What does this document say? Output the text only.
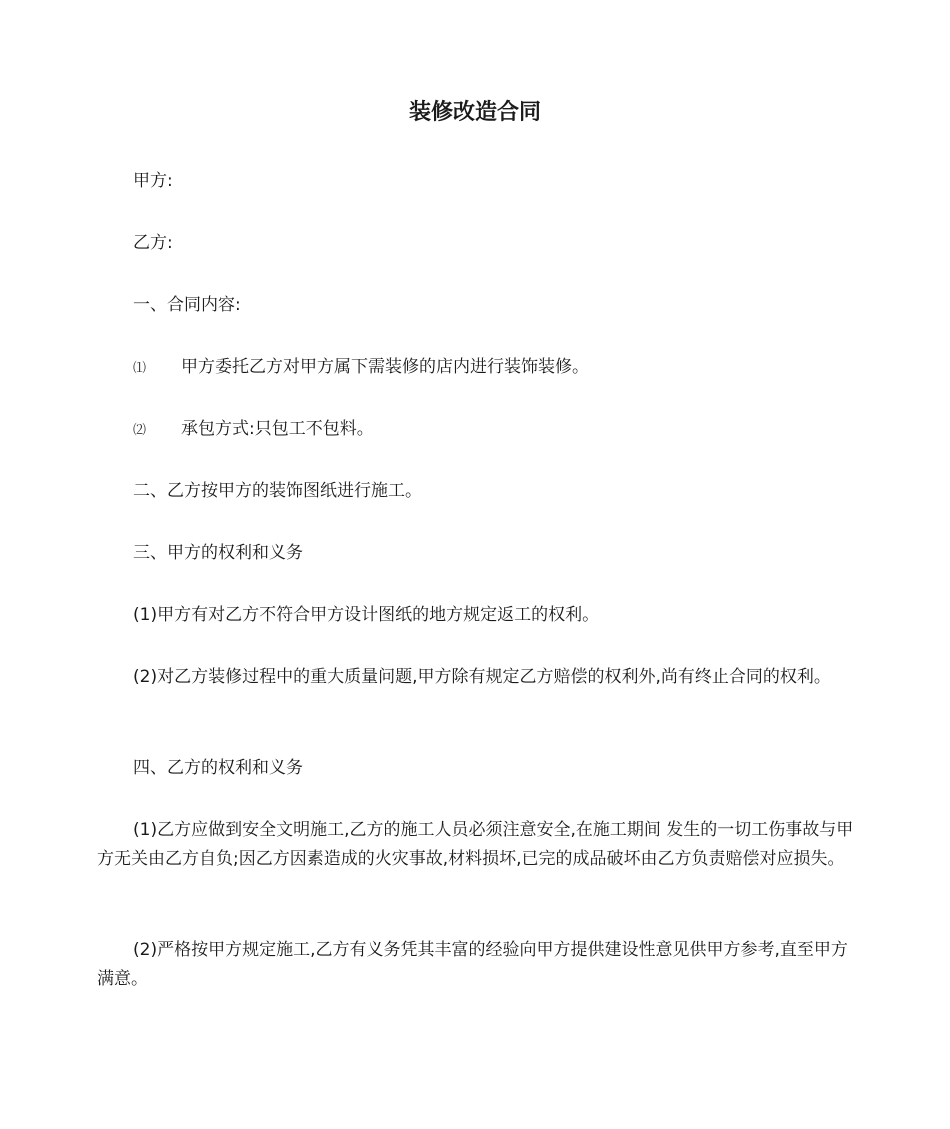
装修改造合同

甲方:

乙方:

一、合同内容:

⑴ 甲方委托乙方对甲方属下需装修的店内进行装饰装修。

⑵ 承包方式:只包工不包料。

二、乙方按甲方的装饰图纸进行施工。

三、甲方的权利和义务

(1)甲方有对乙方不符合甲方设计图纸的地方规定返工的权利。

(2)对乙方装修过程中的重大质量问题,甲方除有规定乙方赔偿的权利外,尚有终止合同的权利。

四、乙方的权利和义务

(1)乙方应做到安全文明施工,乙方的施工人员必须注意安全,在施工期间 发生的一切工伤事故与甲方无关由乙方自负;因乙方因素造成的火灾事故,材料损坏,已完的成品破坏由乙方负责赔偿对应损失。

(2)严格按甲方规定施工,乙方有义务凭其丰富的经验向甲方提供建设性意见供甲方参考,直至甲方满意。
